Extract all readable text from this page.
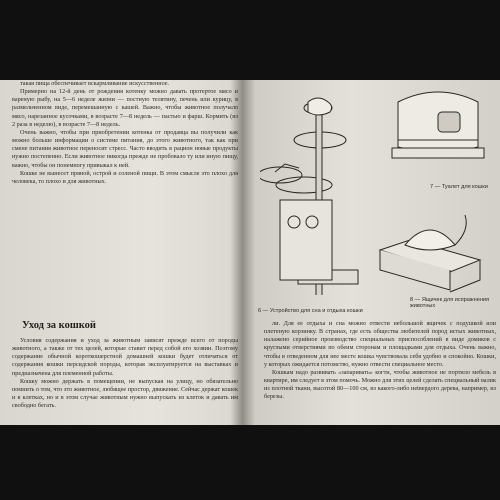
такая пища обеспечивает вскармливание искусственное.

Примерно на 12-й день от рождения котенку можно давать протертое мясо и вареную рыбу, на 5—6 неделе жизни — постную телятину, печень или курицу, в размельченном виде, перемешанную с кашей. Важно, чтобы животное получало мясо, нарезанное кусочками, в возрасте 7—8 недель — пастью и фарш. Кормить (из 2 раза в неделю), в возрасте 7—8 недель.

Очень важно, чтобы при приобретении котенка от продавца вы получили как можно больше информации о системе питания, до этого животного, так как при смене питания животное переносит стресс. Часто вводить в рацион новые продукты нужно постепенно. Если животное никогда прежде не пробовало ту или иную пищу, важно, чтобы он понемногу привыкал к ней.

Кошке не вынесет пряной, острой и соленой пищи. В этом смысле это плохо для человека, то плохо и для животных.

Уход за кошкой

Условия содержания и уход за животным зависят прежде всего от породы животного, а также от тех целей, которые ставит перед собой его хозяин. Поэтому содержание обычной короткошерстной домашней кошки будет отличаться от содержания кошки персидской породы, которая эксплуатируется на выставках и предназначена для племенной работы.

Кошку можно держать в помещении, не выпуская на улицу, но обязательно помнить о том, что это животное, любящее простор, движение. Сейчас держат кошек и в клетках, но и в этом случае животным нужно выпускать из клеток и давать им свободно бегать.

7 — Туалет для кошки
8 — Ящичек для испражнения животных
6 — Устройство для сна и отдыха кошки

ли. Для ее отдыха и сна можно отвести небольшой ящичек с подушкой или плетеную корзинку. В странах, где есть общества любителей пород истых животных, налажено серийное производство специальных приспособлений в виде домиков с круглыми отверстиями по обеим сторонам и площадками для отдыха. Очень важно, чтобы в отведенном для нее месте кошка чувствовала себя удобно и спокойно. Кошки, у которых ожидается потомство, нужно отвести специальное место.

Кошкам надо развивать «запаривать» когти, чтобы животное не портило мебель в квартире, им следует в этом помочь. Можно для этих целей сделать специальный валик из плотной ткани, высотой 80—100 см, из какого-либо неtвердого дерева, например, из березы.
